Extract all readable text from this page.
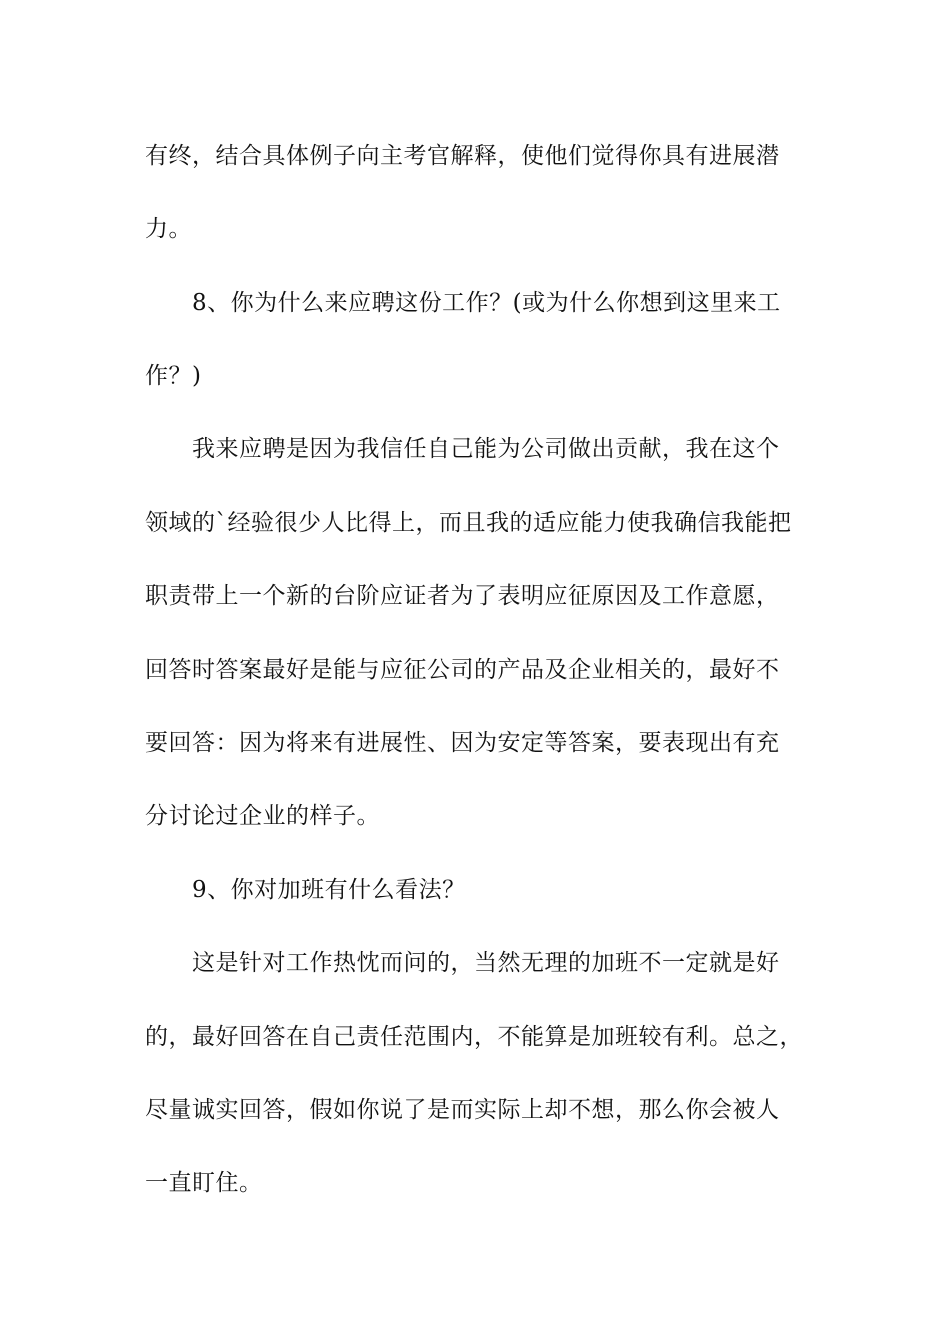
有终，结合具体例子向主考官解释，使他们觉得你具有进展潜
力。
8、你为什么来应聘这份工作？(或为什么你想到这里来工
作？)
我来应聘是因为我信任自己能为公司做出贡献，我在这个
领域的`经验很少人比得上，而且我的适应能力使我确信我能把
职责带上一个新的台阶应证者为了表明应征原因及工作意愿，
回答时答案最好是能与应征公司的产品及企业相关的，最好不
要回答：因为将来有进展性、因为安定等答案，要表现出有充
分讨论过企业的样子。
9、你对加班有什么看法？
这是针对工作热忱而问的，当然无理的加班不一定就是好
的，最好回答在自己责任范围内，不能算是加班较有利。总之，
尽量诚实回答，假如你说了是而实际上却不想，那么你会被人
一直盯住。
